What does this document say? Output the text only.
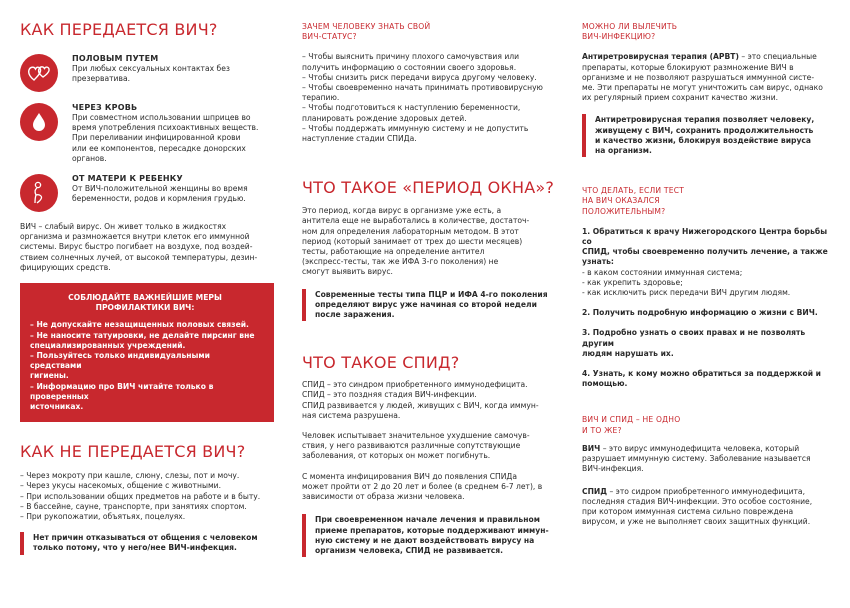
КАК ПЕРЕДАЕТСЯ ВИЧ?
ПОЛОВЫМ ПУТЕМ
При любых сексуальных контактах без
презерватива.
ЧЕРЕЗ КРОВЬ
При совместном использовании шприцев во
время употребления психоактивных веществ.
При переливании инфицированной крови
или ее компонентов, пересадке донорских
органов.
ОТ МАТЕРИ К РЕБЕНКУ
От ВИЧ-положительной женщины во время
беременности, родов и кормления грудью.
ВИЧ – слабый вирус. Он живет только в жидкостях
организма и размножается внутри клеток его иммунной
системы. Вирус быстро погибает на воздухе, под воздей-
ствием солнечных лучей, от высокой температуры, дезин-
фицирующих средств.
СОБЛЮДАЙТЕ ВАЖНЕЙШИЕ МЕРЫ
ПРОФИЛАКТИКИ ВИЧ:
– Не допускайте незащищенных половых связей.
– Не наносите татуировки, не делайте пирсинг вне
специализированных учреждений.
– Пользуйтесь только индивидуальными средствами
гигиены.
– Информацию про ВИЧ читайте только в проверенных
источниках.
КАК НЕ ПЕРЕДАЕТСЯ ВИЧ?
– Через мокроту при кашле, слюну, слезы, пот и мочу.
– Через укусы насекомых, общение с животными.
– При использовании общих предметов на работе и в быту.
– В бассейне, сауне, транспорте, при занятиях спортом.
– При рукопожатии, объятьях, поцелуях.
Нет причин отказываться от общения с человеком
только потому, что у него/нее ВИЧ-инфекция.
ЗАЧЕМ ЧЕЛОВЕКУ ЗНАТЬ СВОЙ
ВИЧ-СТАТУС?
– Чтобы выяснить причину плохого самочувствия или
получить информацию о состоянии своего здоровья.
– Чтобы снизить риск передачи вируса другому человеку.
– Чтобы своевременно начать принимать противовирусную
терапию.
– Чтобы подготовиться к наступлению беременности,
планировать рождение здоровых детей.
– Чтобы поддержать иммунную систему и не допустить
наступление стадии СПИДа.
ЧТО ТАКОЕ «ПЕРИОД ОКНА»?
Это период, когда вирус в организме уже есть, а
антитела еще не выработались в количестве, достаточ-
ном для определения лабораторным методом. В этот
период (который занимает от трех до шести месяцев)
тесты, работающие на определение антител
(экспресс-тесты, так же ИФА 3-го поколения) не
смогут выявить вирус.
Современные тесты типа ПЦР и ИФА 4-го поколения
определяют вирус уже начиная со второй недели
после заражения.
ЧТО ТАКОЕ СПИД?
СПИД – это синдром приобретенного иммунодефицита.
СПИД – это поздняя стадия ВИЧ-инфекции.
СПИД развивается у людей, живущих с ВИЧ, когда иммун-
ная система разрушена.
Человек испытывает значительное ухудшение самочув-
ствия, у него развиваются различные сопутствующие
заболевания, от которых он может погибнуть.
С момента инфицирования ВИЧ до появления СПИДа
может пройти от 2 до 20 лет и более (в среднем 6-7 лет), в
зависимости от образа жизни человека.
При своевременном начале лечения и правильном
приеме препаратов, которые поддерживают иммун-
ную систему и не дают воздействовать вирусу на
организм человека, СПИД не развивается.
МОЖНО ЛИ ВЫЛЕЧИТЬ
ВИЧ-ИНФЕКЦИЮ?
Антиретровирусная терапия (АРВТ) – это специальные
препараты, которые блокируют размножение ВИЧ в
организме и не позволяют разрушаться иммунной систе-
ме. Эти препараты не могут уничтожить сам вирус, однако
их регулярный прием сохранит качество жизни.
Антиретровирусная терапия позволяет человеку,
живущему с ВИЧ, сохранить продолжительность
и качество жизни, блокируя воздействие вируса
на организм.
ЧТО ДЕЛАТЬ, ЕСЛИ ТЕСТ
НА ВИЧ ОКАЗАЛСЯ
ПОЛОЖИТЕЛЬНЫМ?
1. Обратиться к врачу Нижегородского Центра борьбы со
СПИД, чтобы своевременно получить лечение, а также
узнать:
- в каком состоянии иммунная система;
- как укрепить здоровье;
- как исключить риск передачи ВИЧ другим людям.
2. Получить подробную информацию о жизни с ВИЧ.
3. Подробно узнать о своих правах и не позволять другим
людям нарушать их.
4. Узнать, к кому можно обратиться за поддержкой и
помощью.
ВИЧ И СПИД – НЕ ОДНО
И ТО ЖЕ?
ВИЧ – это вирус иммунодефицита человека, который
разрушает иммунную систему. Заболевание называется
ВИЧ-инфекция.
СПИД – это сидром приобретенного иммунодефицита,
последняя стадия ВИЧ-инфекции. Это особое состояние,
при котором иммунная система сильно повреждена
вирусом, и уже не выполняет своих защитных функций.
